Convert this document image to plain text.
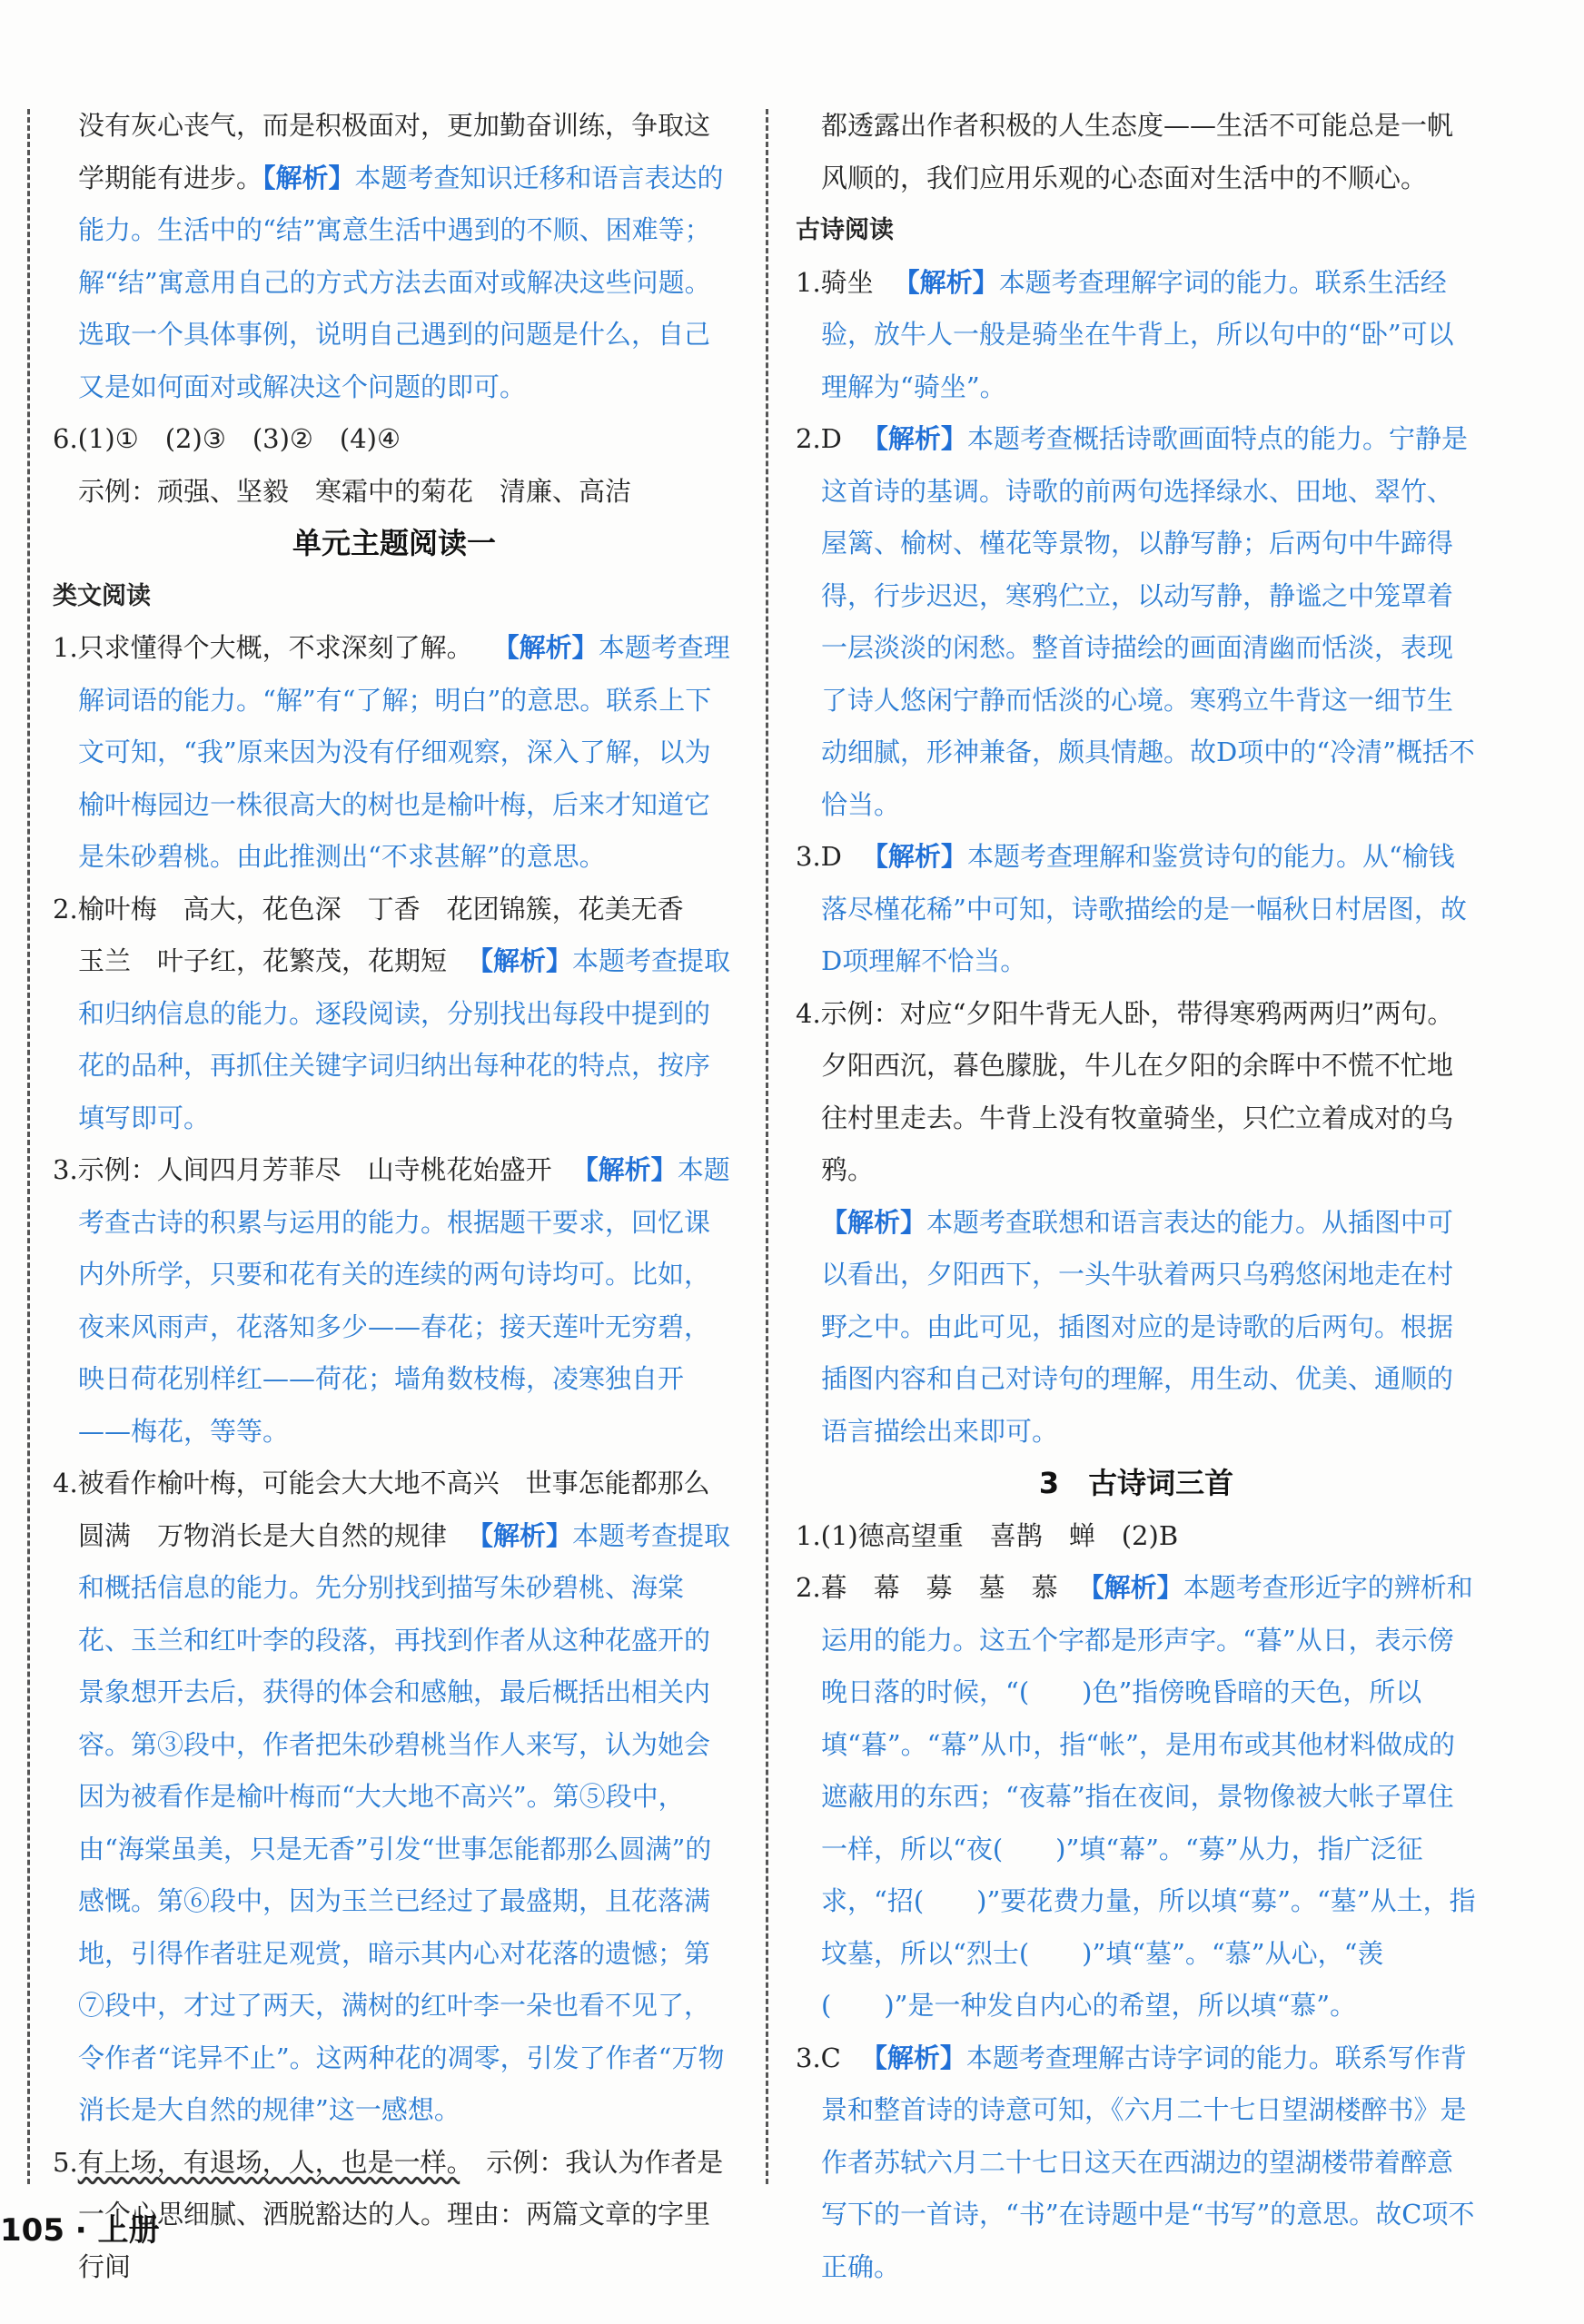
没有灰心丧气，而是积极面对，更加勤奋训练，争取这学期能有进步。【解析】本题考查知识迁移和语言表达的能力。生活中的“结”寓意生活中遇到的不顺、困难等；解“结”寓意用自己的方式方法去面对或解决这些问题。选取一个具体事例，说明自己遇到的问题是什么，自己又是如何面对或解决这个问题的即可。
6.(1)①　(2)③　(3)②　(4)④
示例：顽强、坚毅　寒霜中的菊花　清廉、高洁
单元主题阅读一
类文阅读
1.只求懂得个大概，不求深刻了解。 【解析】本题考查理解词语的能力。“解”有“了解；明白”的意思。联系上下文可知，“我”原来因为没有仔细观察，深入了解，以为榆叶梅园边一株很高大的树也是榆叶梅，后来才知道它是朱砂碧桃。由此推测出“不求甚解”的意思。
2.榆叶梅　高大，花色深　丁香　花团锦簇，花美无香　玉兰　叶子红，花繁茂，花期短 【解析】本题考查提取和归纳信息的能力。逐段阅读，分别找出每段中提到的花的品种，再抓住关键字词归纳出每种花的特点，按序填写即可。
3.示例：人间四月芳菲尽　山寺桃花始盛开 【解析】本题考查古诗的积累与运用的能力。根据题干要求，回忆课内外所学，只要和花有关的连续的两句诗均可。比如，夜来风雨声，花落知多少——春花；接天莲叶无穷碧，映日荷花别样红——荷花；墙角数枝梅，凌寒独自开——梅花，等等。
4.被看作榆叶梅，可能会大大地不高兴　世事怎能都那么圆满　万物消长是大自然的规律 【解析】本题考查提取和概括信息的能力。先分别找到描写朱砂碧桃、海棠花、玉兰和红叶李的段落，再找到作者从这种花盛开的景象想开去后，获得的体会和感触，最后概括出相关内容。第③段中，作者把朱砂碧桃当作人来写，认为她会因为被看作是榆叶梅而“大大地不高兴”。第⑤段中，由“海棠虽美，只是无香”引发“世事怎能都那么圆满”的感慨。第⑥段中，因为玉兰已经过了最盛期，且花落满地，引得作者驻足观赏，暗示其内心对花落的遗憾；第⑦段中，才过了两天，满树的红叶李一朵也看不见了，令作者“诧异不止”。这两种花的凋零，引发了作者“万物消长是大自然的规律”这一感想。
5.有上场，有退场，人，也是一样。　示例：我认为作者是一个心思细腻、洒脱豁达的人。理由：两篇文章的字里行间
都透露出作者积极的人生态度——生活不可能总是一帆风顺的，我们应用乐观的心态面对生活中的不顺心。
古诗阅读
1.骑坐 【解析】本题考查理解字词的能力。联系生活经验，放牛人一般是骑坐在牛背上，所以句中的“卧”可以理解为“骑坐”。
2.D 【解析】本题考查概括诗歌画面特点的能力。宁静是这首诗的基调。诗歌的前两句选择绿水、田地、翠竹、屋篱、榆树、槿花等景物，以静写静；后两句中牛蹄得得，行步迟迟，寒鸦伫立，以动写静，静谧之中笼罩着一层淡淡的闲愁。整首诗描绘的画面清幽而恬淡，表现了诗人悠闲宁静而恬淡的心境。寒鸦立牛背这一细节生动细腻，形神兼备，颇具情趣。故D项中的“冷清”概括不恰当。
3.D 【解析】本题考查理解和鉴赏诗句的能力。从“榆钱落尽槿花稀”中可知，诗歌描绘的是一幅秋日村居图，故D项理解不恰当。
4.示例：对应“夕阳牛背无人卧，带得寒鸦两两归”两句。夕阳西沉，暮色朦胧，牛儿在夕阳的余晖中不慌不忙地往村里走去。牛背上没有牧童骑坐，只伫立着成对的乌鸦。
【解析】本题考查联想和语言表达的能力。从插图中可以看出，夕阳西下，一头牛驮着两只乌鸦悠闲地走在村野之中。由此可见，插图对应的是诗歌的后两句。根据插图内容和自己对诗句的理解，用生动、优美、通顺的语言描绘出来即可。
3　古诗词三首
1.(1)德高望重　喜鹊　蝉　(2)B
2.暮　幕　募　墓　慕 【解析】本题考查形近字的辨析和运用的能力。这五个字都是形声字。“暮”从日，表示傍晚日落的时候，“(　　)色”指傍晚昏暗的天色，所以填“暮”。“幕”从巾，指“帐”，是用布或其他材料做成的遮蔽用的东西；“夜幕”指在夜间，景物像被大帐子罩住一样，所以“夜(　　)”填“幕”。“募”从力，指广泛征求，“招(　　)”要花费力量，所以填“募”。“墓”从土，指坟墓，所以“烈士(　　)”填“墓”。“慕”从心，“羡(　　)”是一种发自内心的希望，所以填“慕”。
3.C 【解析】本题考查理解古诗字词的能力。联系写作背景和整首诗的诗意可知，《六月二十七日望湖楼醉书》是作者苏轼六月二十七日这天在西湖边的望湖楼带着醉意写下的一首诗，“书”在诗题中是“书写”的意思。故C项不正确。
105 · 上册
